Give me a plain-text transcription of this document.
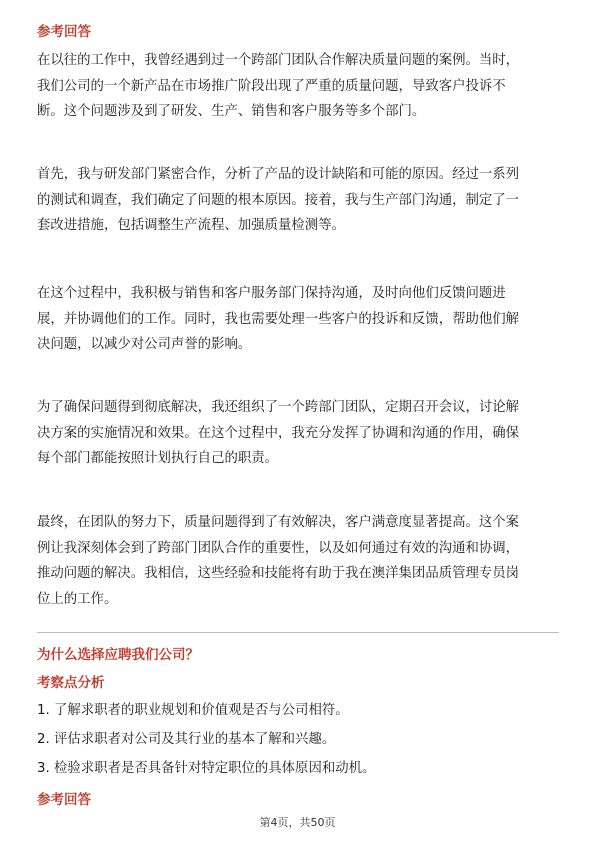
参考回答
在以往的工作中，我曾经遇到过一个跨部门团队合作解决质量问题的案例。当时，
我们公司的一个新产品在市场推广阶段出现了严重的质量问题，导致客户投诉不
断。这个问题涉及到了研发、生产、销售和客户服务等多个部门。
首先，我与研发部门紧密合作，分析了产品的设计缺陷和可能的原因。经过一系列
的测试和调查，我们确定了问题的根本原因。接着，我与生产部门沟通，制定了一
套改进措施，包括调整生产流程、加强质量检测等。
在这个过程中，我积极与销售和客户服务部门保持沟通，及时向他们反馈问题进
展，并协调他们的工作。同时，我也需要处理一些客户的投诉和反馈，帮助他们解
决问题，以减少对公司声誉的影响。
为了确保问题得到彻底解决，我还组织了一个跨部门团队，定期召开会议，讨论解
决方案的实施情况和效果。在这个过程中，我充分发挥了协调和沟通的作用，确保
每个部门都能按照计划执行自己的职责。
最终，在团队的努力下，质量问题得到了有效解决，客户满意度显著提高。这个案
例让我深刻体会到了跨部门团队合作的重要性，以及如何通过有效的沟通和协调，
推动问题的解决。我相信，这些经验和技能将有助于我在澳洋集团品质管理专员岗
位上的工作。
为什么选择应聘我们公司？
考察点分析
1. 了解求职者的职业规划和价值观是否与公司相符。
2. 评估求职者对公司及其行业的基本了解和兴趣。
3. 检验求职者是否具备针对特定职位的具体原因和动机。
参考回答
第4页，共50页
